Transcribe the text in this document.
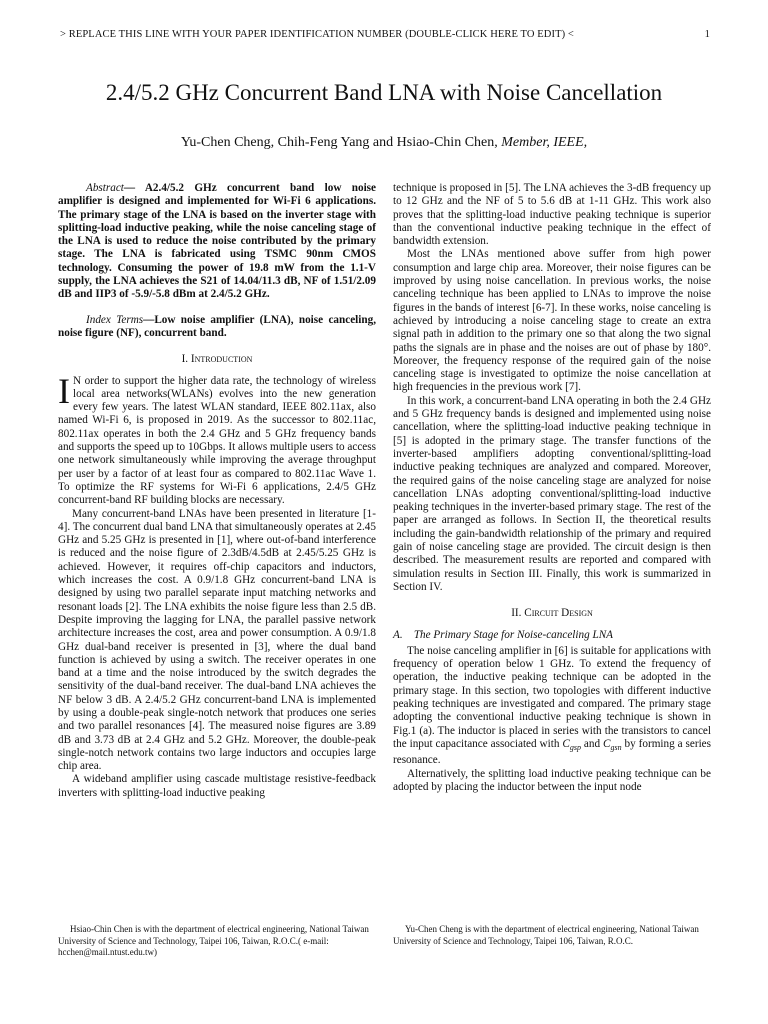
> REPLACE THIS LINE WITH YOUR PAPER IDENTIFICATION NUMBER (DOUBLE-CLICK HERE TO EDIT) <	1
2.4/5.2 GHz Concurrent Band LNA with Noise Cancellation
Yu-Chen Cheng, Chih-Feng Yang and Hsiao-Chin Chen, Member, IEEE,

Abstract— A2.4/5.2 GHz concurrent band low noise amplifier is designed and implemented for Wi-Fi 6 applications. The primary stage of the LNA is based on the inverter stage with splitting-load inductive peaking, while the noise canceling stage of the LNA is used to reduce the noise contributed by the primary stage. The LNA is fabricated using TSMC 90nm CMOS technology. Consuming the power of 19.8 mW from the 1.1-V supply, the LNA achieves the S21 of 14.04/11.3 dB, NF of 1.51/2.09 dB and IIP3 of -5.9/-5.8 dBm at 2.4/5.2 GHz.

Index Terms—Low noise amplifier (LNA), noise canceling, noise figure (NF), concurrent band.

I. Introduction

I N order to support the higher data rate, the technology of wireless local area networks(WLANs) evolves into the new generation every few years. The latest WLAN standard, IEEE 802.11ax, also named Wi-Fi 6, is proposed in 2019. As the successor to 802.11ac, 802.11ax operates in both the 2.4 GHz and 5 GHz frequency bands and supports the speed up to 10Gbps. It allows multiple users to access one network simultaneously while improving the average throughput per user by a factor of at least four as compared to 802.11ac Wave 1. To optimize the RF systems for Wi-Fi 6 applications, 2.4/5 GHz concurrent-band RF building blocks are necessary.

Many concurrent-band LNAs have been presented in literature [1-4]. The concurrent dual band LNA that simultaneously operates at 2.45 GHz and 5.25 GHz is presented in [1], where out-of-band interference is reduced and the noise figure of 2.3dB/4.5dB at 2.45/5.25 GHz is achieved. However, it requires off-chip capacitors and inductors, which increases the cost. A 0.9/1.8 GHz concurrent-band LNA is designed by using two parallel separate input matching networks and resonant loads [2]. The LNA exhibits the noise figure less than 2.5 dB. Despite improving the lagging for LNA, the parallel passive network architecture increases the cost, area and power consumption. A 0.9/1.8 GHz dual-band receiver is presented in [3], where the dual band function is achieved by using a switch. The receiver operates in one band at a time and the noise introduced by the switch degrades the sensitivity of the dual-band receiver. The dual-band LNA achieves the NF below 3 dB. A 2.4/5.2 GHz concurrent-band LNA is implemented by using a double-peak single-notch network that produces one series and two parallel resonances [4]. The measured noise figures are 3.89 dB and 3.73 dB at 2.4 GHz and 5.2 GHz. Moreover, the double-peak single-notch network contains two large inductors and occupies large chip area.

A wideband amplifier using cascade multistage resistive-feedback inverters with splitting-load inductive peaking

technique is proposed in [5]. The LNA achieves the 3-dB frequency up to 12 GHz and the NF of 5 to 5.6 dB at 1-11 GHz. This work also proves that the splitting-load inductive peaking technique is superior than the conventional inductive peaking technique in the effect of bandwidth extension.

Most the LNAs mentioned above suffer from high power consumption and large chip area. Moreover, their noise figures can be improved by using noise cancellation. In previous works, the noise canceling technique has been applied to LNAs to improve the noise figures in the bands of interest [6-7]. In these works, noise canceling is achieved by introducing a noise canceling stage to create an extra signal path in addition to the primary one so that along the two signal paths the signals are in phase and the noises are out of phase by 180°. Moreover, the frequency response of the required gain of the noise canceling stage is investigated to optimize the noise cancellation at high frequencies in the previous work [7].

In this work, a concurrent-band LNA operating in both the 2.4 GHz and 5 GHz frequency bands is designed and implemented using noise cancellation, where the splitting-load inductive peaking technique in [5] is adopted in the primary stage. The transfer functions of the inverter-based amplifiers adopting conventional/splitting-load inductive peaking techniques are analyzed and compared. Moreover, the required gains of the noise canceling stage are analyzed for noise cancellation LNAs adopting conventional/splitting-load inductive peaking techniques in the inverter-based primary stage. The rest of the paper are arranged as follows. In Section II, the theoretical results including the gain-bandwidth relationship of the primary and required gain of noise canceling stage are provided. The circuit design is then described. The measurement results are reported and compared with simulation results in Section III. Finally, this work is summarized in Section IV.

II. Circuit Design

A. The Primary Stage for Noise-canceling LNA

The noise canceling amplifier in [6] is suitable for applications with frequency of operation below 1 GHz. To extend the frequency of operation, the inductive peaking technique can be adopted in the primary stage. In this section, two topologies with different inductive peaking techniques are investigated and compared. The primary stage adopting the conventional inductive peaking technique is shown in Fig.1 (a). The inductor is placed in series with the transistors to cancel the input capacitance associated with $C_{gsp}$ and $C_{gsn}$ by forming a series resonance.

Alternatively, the splitting load inductive peaking technique can be adopted by placing the inductor between the input node

Hsiao-Chin Chen is with the department of electrical engineering, National Taiwan University of Science and Technology, Taipei 106, Taiwan, R.O.C.( e-mail: hcchen@mail.ntust.edu.tw)
Yu-Chen Cheng is with the department of electrical engineering, National Taiwan University of Science and Technology, Taipei 106, Taiwan, R.O.C.
